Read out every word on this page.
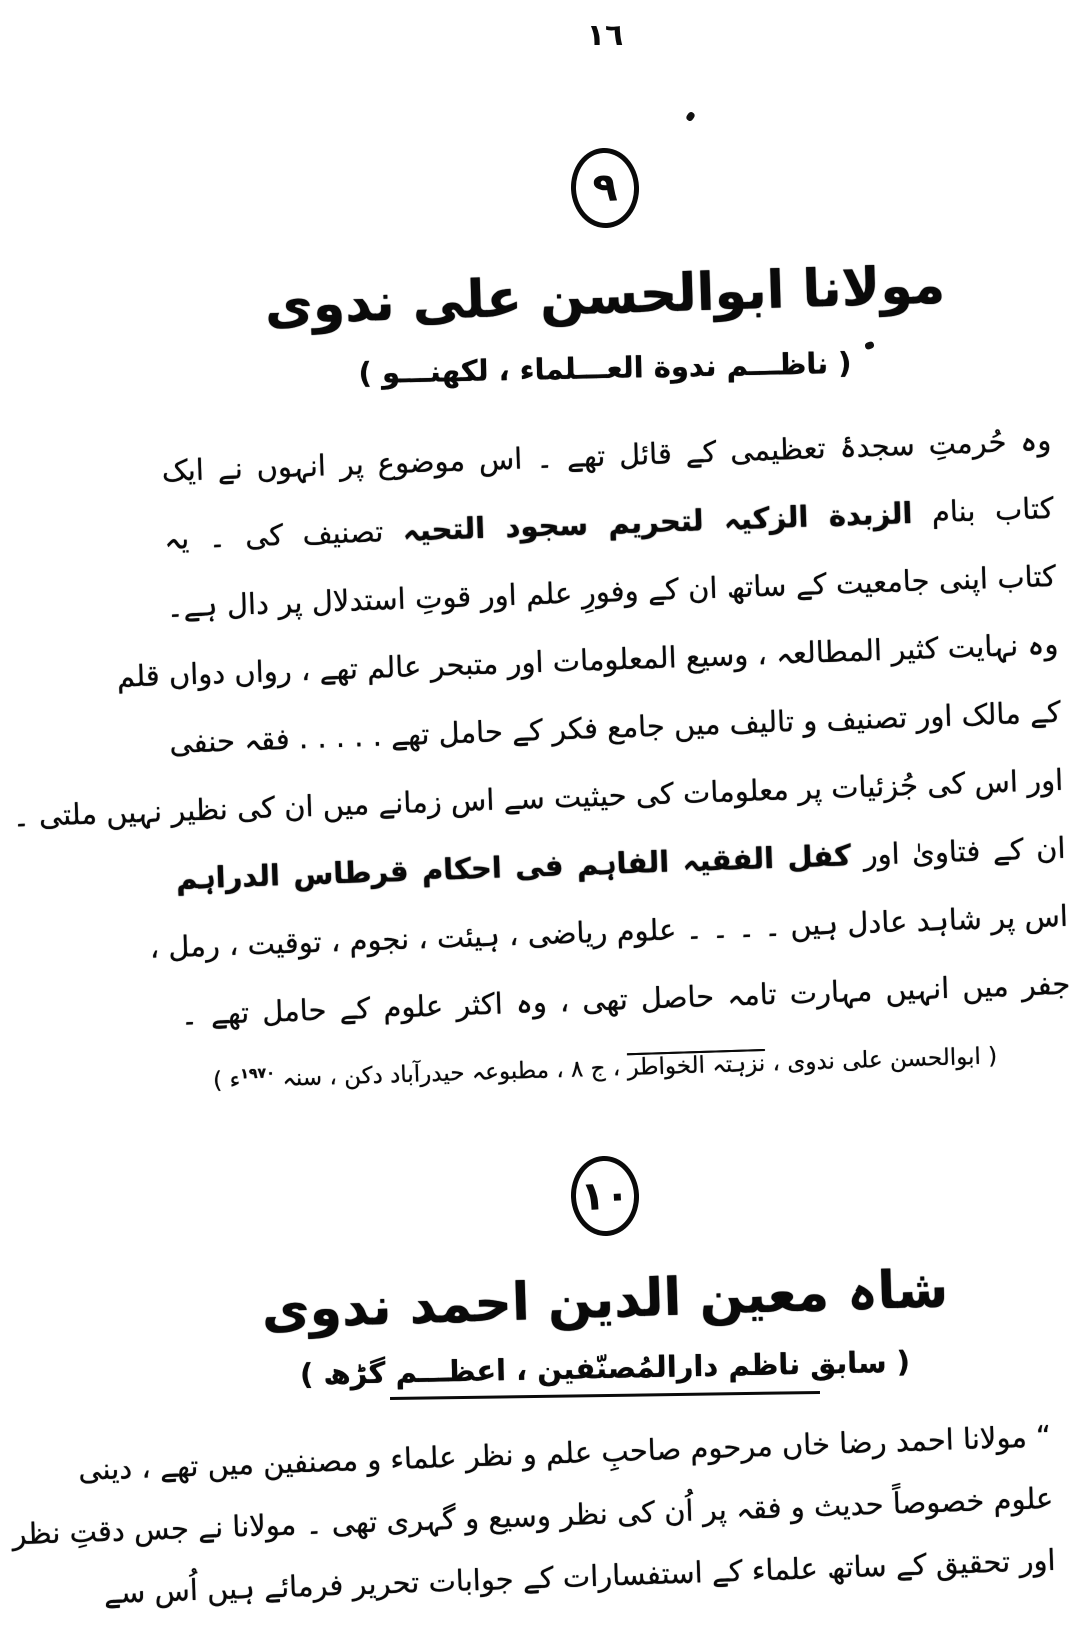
١٦
٩
مولانا ابوالحسن علی ندوی
( ناظـــم ندوة العـــلماء ، لکھنـــو )
وہ حُرمتِ سجدۂ تعظیمی کے قائل تھے ۔ اس موضوع پر انہوں نے ایک
کتاب بنام الزبدة الزکیہ لتحریم سجود التحیہ تصنیف کی ۔ یہ
کتاب اپنی جامعیت کے ساتھ ان کے وفورِ علم اور قوتِ استدلال پر دال ہے۔
وہ نہایت کثیر المطالعہ ، وسیع المعلومات اور متبحر عالم تھے ، رواں دواں قلم
کے مالک اور تصنیف و تالیف میں جامع فکر کے حامل تھے . . . . . فقہ حنفی
اور اس کی جُزئیات پر معلومات کی حیثیت سے اس زمانے میں ان کی نظیر نہیں ملتی ۔
ان کے فتاویٰ اور کفل الفقیہ الفاہم فی احکام قرطاس الدراہم
اس پر شاہد عادل ہیں ۔ ۔ ۔ ۔ علوم ریاضی ، ہیئت ، نجوم ، توقیت ، رمل ،
جفر میں انہیں مہارت تامہ حاصل تھی ، وہ اکثر علوم کے حامل تھے ۔
( ابوالحسن علی ندوی ، نزہتہ الخواطر ، ج ٨ ، مطبوعہ حیدرآباد دکن ، سنہ $^{١٩٧٠}$ء )
١٠
شاہ معین الدین احمد ندوی
( سابق ناظم دارالمُصنّفین ، اعظـــم گڑھ )
“ مولانا احمد رضا خاں مرحوم صاحبِ علم و نظر علماء و مصنفین میں تھے ، دینی
علوم خصوصاً حدیث و فقہ پر اُن کی نظر وسیع و گہری تھی ۔ مولانا نے جس دقتِ نظر
اور تحقیق کے ساتھ علماء کے استفسارات کے جوابات تحریر فرمائے ہیں اُس سے
